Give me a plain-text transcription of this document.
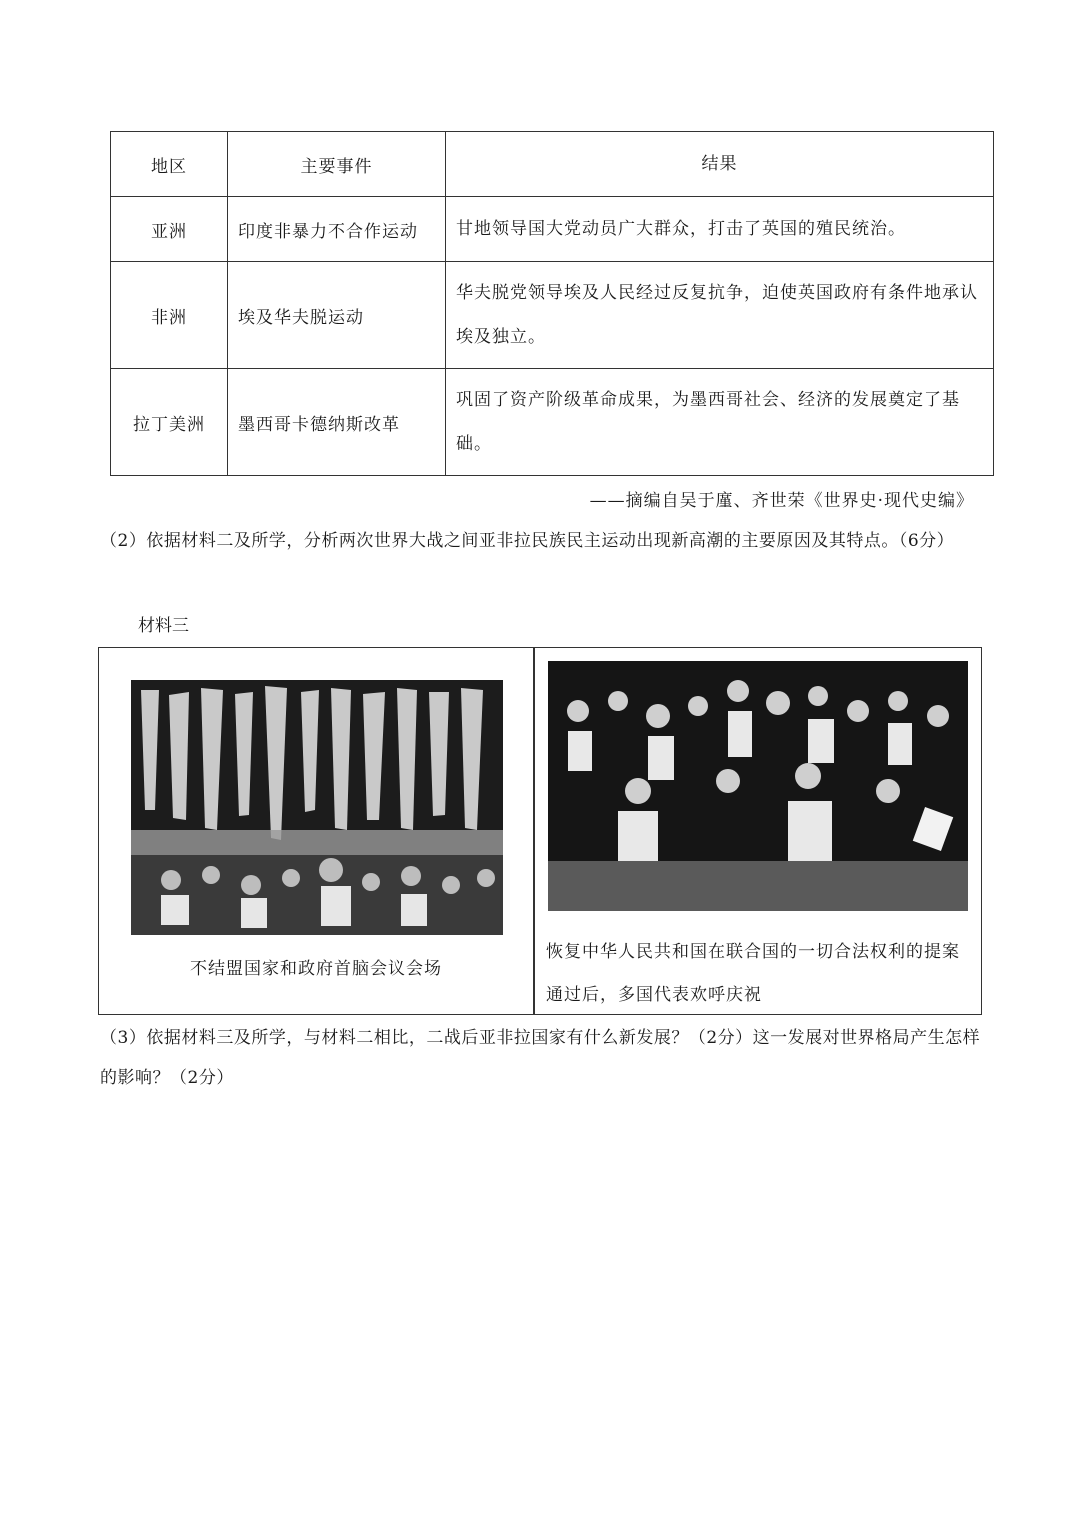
地区	主要事件	结果
亚洲	印度非暴力不合作运动	甘地领导国大党动员广大群众，打击了英国的殖民统治。
非洲	埃及华夫脱运动	华夫脱党领导埃及人民经过反复抗争，迫使英国政府有条件地承认埃及独立。
拉丁美洲	墨西哥卡德纳斯改革	巩固了资产阶级革命成果，为墨西哥社会、经济的发展奠定了基础。
——摘编自吴于廑、齐世荣《世界史·现代史编》
（2）依据材料二及所学，分析两次世界大战之间亚非拉民族民主运动出现新高潮的主要原因及其特点。（6分）
材料三
不结盟国家和政府首脑会议会场
恢复中华人民共和国在联合国的一切合法权利的提案通过后，多国代表欢呼庆祝
（3）依据材料三及所学，与材料二相比，二战后亚非拉国家有什么新发展？（2分）这一发展对世界格局产生怎样的影响？（2分）
